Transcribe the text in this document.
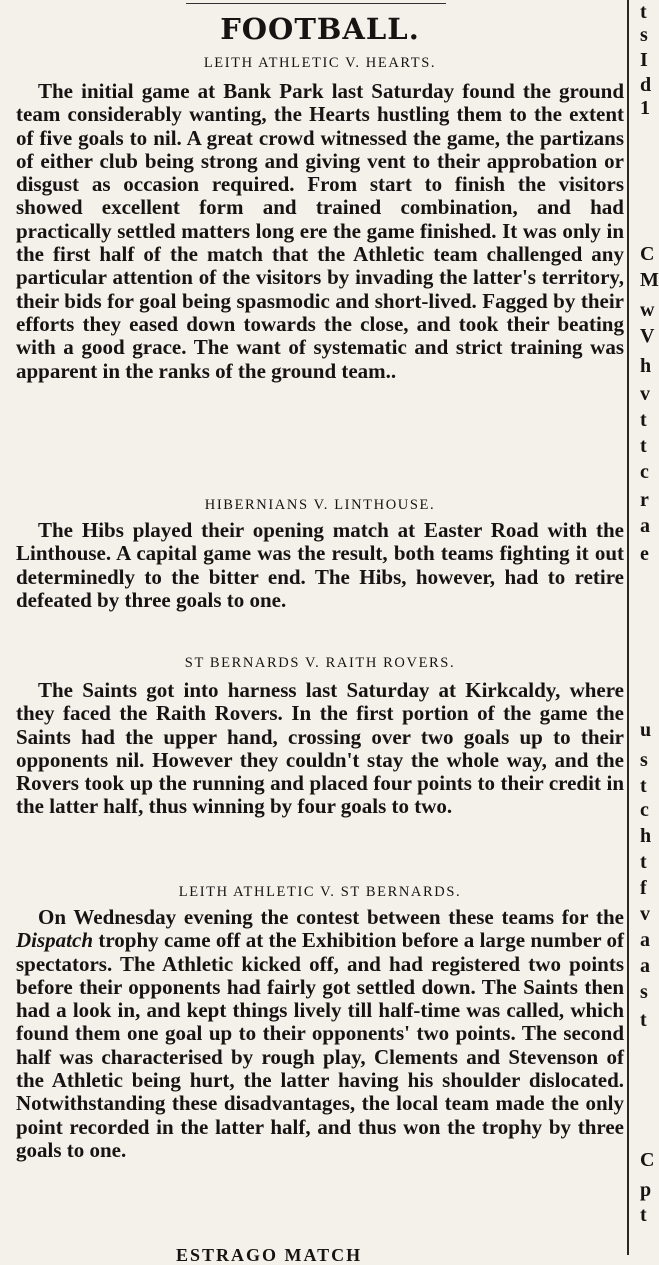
FOOTBALL.
LEITH ATHLETIC V. HEARTS.

The initial game at Bank Park last Saturday found the ground team considerably wanting, the Hearts hustling them to the extent of five goals to nil. A great crowd witnessed the game, the partizans of either club being strong and giving vent to their approbation or disgust as occasion required. From start to finish the visitors showed excellent form and trained combination, and had practically settled matters long ere the game finished. It was only in the first half of the match that the Athletic team challenged any particular attention of the visitors by invading the latter's territory, their bids for goal being spasmodic and short-lived. Fagged by their efforts they eased down towards the close, and took their beating with a good grace. The want of systematic and strict training was apparent in the ranks of the ground team..

HIBERNIANS V. LINTHOUSE.

The Hibs played their opening match at Easter Road with the Linthouse. A capital game was the result, both teams fighting it out determinedly to the bitter end. The Hibs, however, had to retire defeated by three goals to one.

ST BERNARDS V. RAITH ROVERS.

The Saints got into harness last Saturday at Kirkcaldy, where they faced the Raith Rovers. In the first portion of the game the Saints had the upper hand, crossing over two goals up to their opponents nil. However they couldn't stay the whole way, and the Rovers took up the running and placed four points to their credit in the latter half, thus winning by four goals to two.

LEITH ATHLETIC V. ST BERNARDS.

On Wednesday evening the contest between these teams for the Dispatch trophy came off at the Exhibition before a large number of spectators. The Athletic kicked off, and had registered two points before their opponents had fairly got settled down. The Saints then had a look in, and kept things lively till half-time was called, which found them one goal up to their opponents' two points. The second half was characterised by rough play, Clements and Stevenson of the Athletic being hurt, the latter having his shoulder dislocated. Notwithstanding these disadvantages, the local team made the only point recorded in the latter half, and thus won the trophy by three goals to one.

ESTRAGO MATCH
t
s
I
d
1
C
M
w
V
h
v
t
t
c
r
a
e
u
s
t
c
h
t
f
v
a
a
s
t
C
p
t
